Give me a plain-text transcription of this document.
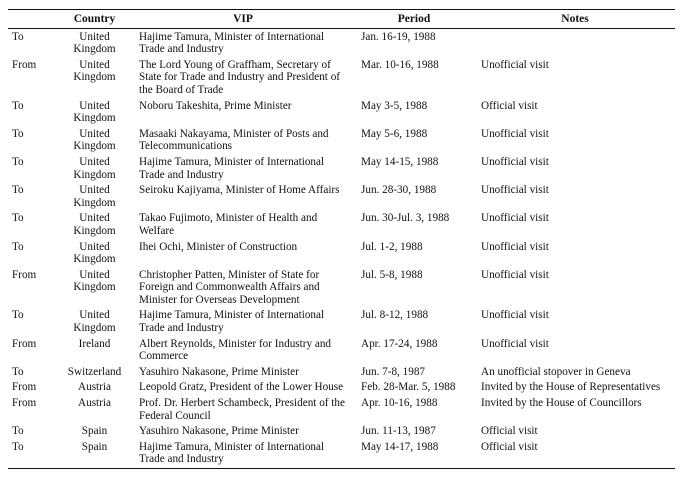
	Country	VIP	Period	Notes
To	United Kingdom	Hajime Tamura, Minister of International Trade and Industry	Jan. 16-19, 1988	
From	United Kingdom	The Lord Young of Graffham, Secretary of State for Trade and Industry and President of the Board of Trade	Mar. 10-16, 1988	Unofficial visit
To	United Kingdom	Noboru Takeshita, Prime Minister	May 3-5, 1988	Official visit
To	United Kingdom	Masaaki Nakayama, Minister of Posts and Telecommunications	May 5-6, 1988	Unofficial visit
To	United Kingdom	Hajime Tamura, Minister of International Trade and Industry	May 14-15, 1988	Unofficial visit
To	United Kingdom	Seiroku Kajiyama, Minister of Home Affairs	Jun. 28-30, 1988	Unofficial visit
To	United Kingdom	Takao Fujimoto, Minister of Health and Welfare	Jun. 30-Jul. 3, 1988	Unofficial visit
To	United Kingdom	Ihei Ochi, Minister of Construction	Jul. 1-2, 1988	Unofficial visit
From	United Kingdom	Christopher Patten, Minister of State for Foreign and Commonwealth Affairs and Minister for Overseas Development	Jul. 5-8, 1988	Unofficial visit
To	United Kingdom	Hajime Tamura, Minister of International Trade and Industry	Jul. 8-12, 1988	Unofficial visit
From	Ireland	Albert Reynolds, Minister for Industry and Commerce	Apr. 17-24, 1988	Unofficial visit
To	Switzerland	Yasuhiro Nakasone, Prime Minister	Jun. 7-8, 1987	An unofficial stopover in Geneva
From	Austria	Leopold Gratz, President of the Lower House	Feb. 28-Mar. 5, 1988	Invited by the House of Representatives
From	Austria	Prof. Dr. Herbert Schambeck, President of the Federal Council	Apr. 10-16, 1988	Invited by the House of Councillors
To	Spain	Yasuhiro Nakasone, Prime Minister	Jun. 11-13, 1987	Official visit
To	Spain	Hajime Tamura, Minister of International Trade and Industry	May 14-17, 1988	Official visit
